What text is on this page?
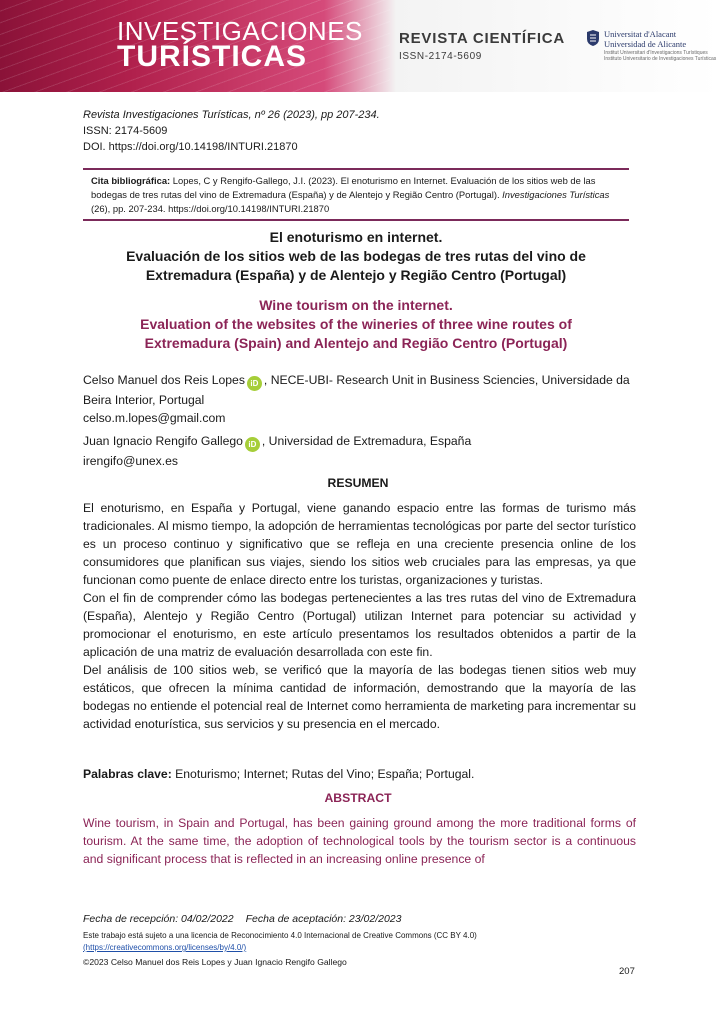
INVESTIGACIONES
TURÍSTICAS
REVISTA CIENTÍFICA
ISSN-2174-5609
Universitat d'Alacant
Universidad de Alicante
Institut Universitari d'Investigacions Turístiques
Instituto Universitario de Investigaciones Turísticas
Revista Investigaciones Turísticas, nº 26 (2023), pp 207-234.
ISSN: 2174-5609
DOI. https://doi.org/10.14198/INTURI.21870
Cita bibliográfica: Lopes, C y Rengifo-Gallego, J.I. (2023). El enoturismo en Internet. Evaluación de los sitios web de las bodegas de tres rutas del vino de Extremadura (España) y de Alentejo y Região Centro (Portugal). Investigaciones Turísticas (26), pp. 207-234. https://doi.org/10.14198/INTURI.21870
El enoturismo en internet.
Evaluación de los sitios web de las bodegas de tres rutas del vino de
Extremadura (España) y de Alentejo y Região Centro (Portugal)
Wine tourism on the internet.
Evaluation of the websites of the wineries of three wine routes of
Extremadura (Spain) and Alentejo and Região Centro (Portugal)
Celso Manuel dos Reis Lopes iD , NECE-UBI- Research Unit in Business Sciencies, Universidade da Beira Interior, Portugal
celso.m.lopes@gmail.com
Juan Ignacio Rengifo Gallego iD , Universidad de Extremadura, España
irengifo@unex.es
RESUMEN

El enoturismo, en España y Portugal, viene ganando espacio entre las formas de turismo más tradicionales. Al mismo tiempo, la adopción de herramientas tecnológicas por parte del sector turístico es un proceso continuo y significativo que se refleja en una creciente presencia online de los consumidores que planifican sus viajes, siendo los sitios web cruciales para las empresas, ya que funcionan como puente de enlace directo entre los turistas, organizaciones y turistas.

Con el fin de comprender cómo las bodegas pertenecientes a las tres rutas del vino de Extremadura (España), Alentejo y Região Centro (Portugal) utilizan Internet para potenciar su actividad y promocionar el enoturismo, en este artículo presentamos los resultados obtenidos a partir de la aplicación de una matriz de evaluación desarrollada con este fin.

Del análisis de 100 sitios web, se verificó que la mayoría de las bodegas tienen sitios web muy estáticos, que ofrecen la mínima cantidad de información, demostrando que la mayoría de las bodegas no entiende el potencial real de Internet como herramienta de marketing para incrementar su actividad enoturística, sus servicios y su presencia en el mercado.

Palabras clave: Enoturismo; Internet; Rutas del Vino; España; Portugal.
ABSTRACT
Wine tourism, in Spain and Portugal, has been gaining ground among the more traditional forms of tourism. At the same time, the adoption of technological tools by the tourism sector is a continuous and significant process that is reflected in an increasing online presence of
Fecha de recepción: 04/02/2022 Fecha de aceptación: 23/02/2023
Este trabajo está sujeto a una licencia de Reconocimiento 4.0 Internacional de Creative Commons (CC BY 4.0)
(https://creativecommons.org/licenses/by/4.0/)
©2023 Celso Manuel dos Reis Lopes y Juan Ignacio Rengifo Gallego
207
